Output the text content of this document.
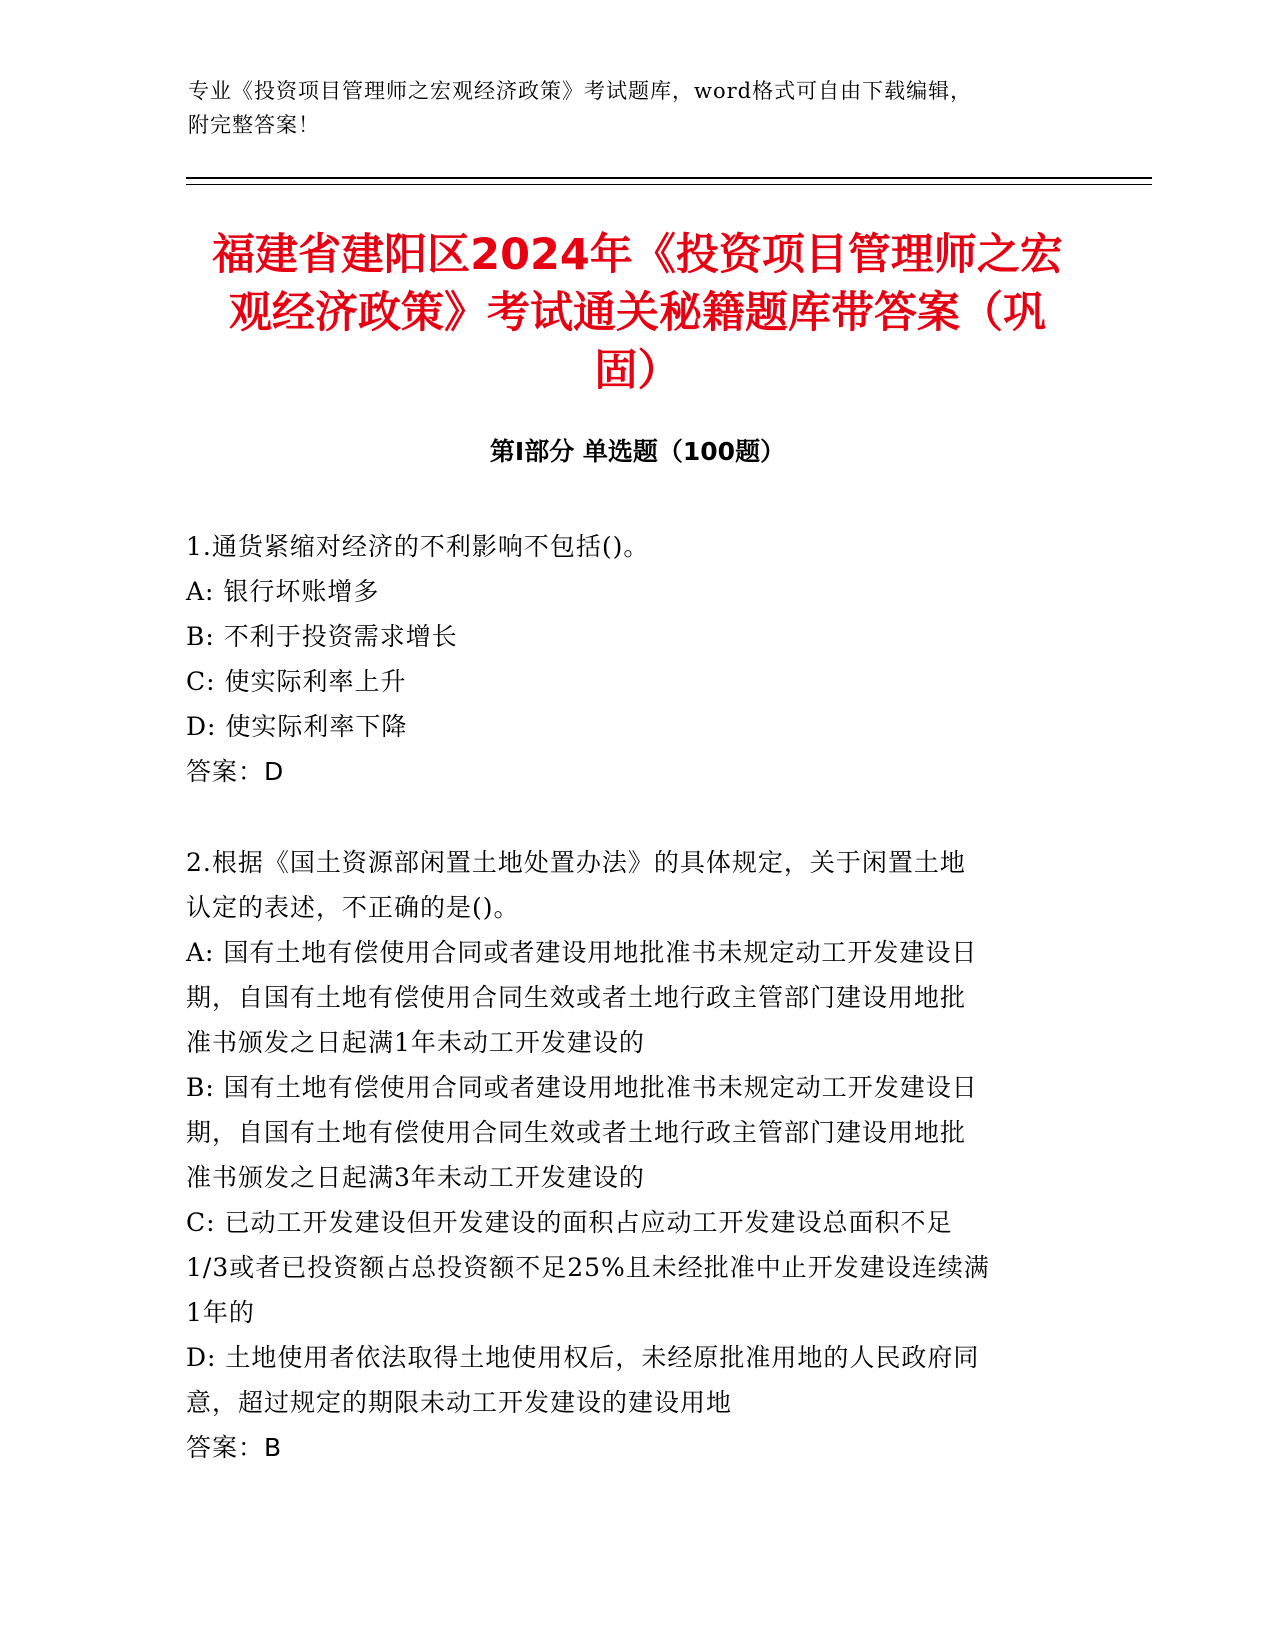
专业《投资项目管理师之宏观经济政策》考试题库，word格式可自由下载编辑，
附完整答案！
福建省建阳区2024年《投资项目管理师之宏
观经济政策》考试通关秘籍题库带答案（巩
固）
第I部分 单选题（100题）
1.通货紧缩对经济的不利影响不包括()。
A: 银行坏账增多
B: 不利于投资需求增长
C: 使实际利率上升
D: 使实际利率下降
答案：D
2.根据《国土资源部闲置土地处置办法》的具体规定，关于闲置土地
认定的表述，不正确的是()。
A: 国有土地有偿使用合同或者建设用地批准书未规定动工开发建设日
期，自国有土地有偿使用合同生效或者土地行政主管部门建设用地批
准书颁发之日起满1年未动工开发建设的
B: 国有土地有偿使用合同或者建设用地批准书未规定动工开发建设日
期，自国有土地有偿使用合同生效或者土地行政主管部门建设用地批
准书颁发之日起满3年未动工开发建设的
C: 已动工开发建设但开发建设的面积占应动工开发建设总面积不足
1/3或者已投资额占总投资额不足25%且未经批准中止开发建设连续满
1年的
D: 土地使用者依法取得土地使用权后，未经原批准用地的人民政府同
意，超过规定的期限未动工开发建设的建设用地
答案：B
